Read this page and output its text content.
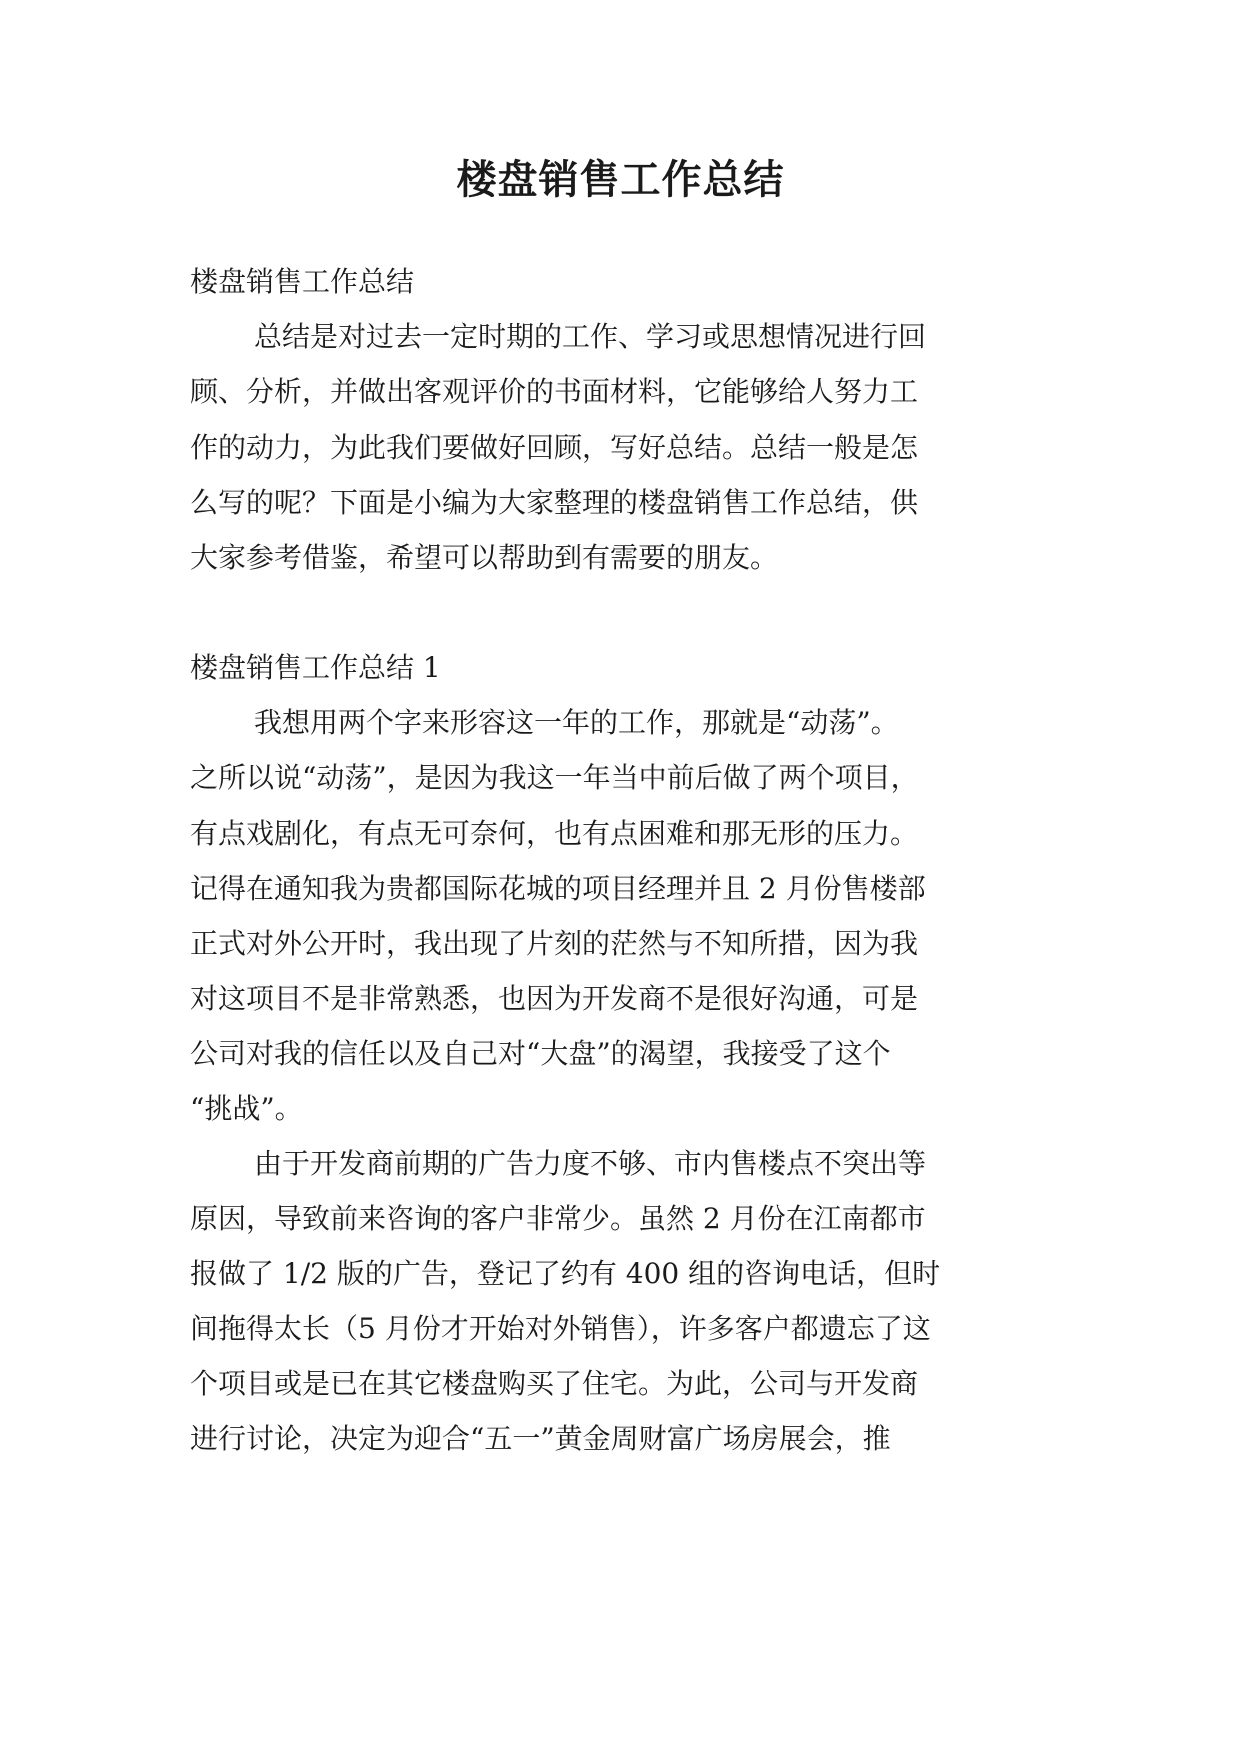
楼盘销售工作总结

楼盘销售工作总结

总结是对过去一定时期的工作、学习或思想情况进行回

顾、分析，并做出客观评价的书面材料，它能够给人努力工

作的动力，为此我们要做好回顾，写好总结。总结一般是怎

么写的呢？下面是小编为大家整理的楼盘销售工作总结，供

大家参考借鉴，希望可以帮助到有需要的朋友。

楼盘销售工作总结 1

我想用两个字来形容这一年的工作，那就是“动荡”。

之所以说“动荡”，是因为我这一年当中前后做了两个项目，

有点戏剧化，有点无可奈何，也有点困难和那无形的压力。

记得在通知我为贵都国际花城的项目经理并且 2 月份售楼部

正式对外公开时，我出现了片刻的茫然与不知所措，因为我

对这项目不是非常熟悉，也因为开发商不是很好沟通，可是

公司对我的信任以及自己对“大盘”的渴望，我接受了这个

“挑战”。

由于开发商前期的广告力度不够、市内售楼点不突出等

原因，导致前来咨询的客户非常少。虽然 2 月份在江南都市

报做了 1/2 版的广告，登记了约有 400 组的咨询电话，但时

间拖得太长（5 月份才开始对外销售），许多客户都遗忘了这

个项目或是已在其它楼盘购买了住宅。为此，公司与开发商

进行讨论，决定为迎合“五一”黄金周财富广场房展会，推
